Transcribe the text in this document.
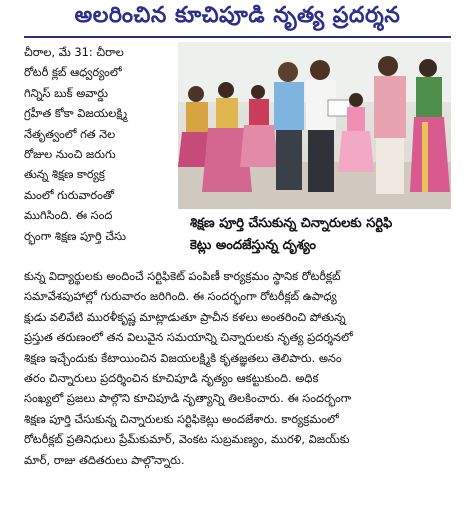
అలరించిన కూచిపూడి నృత్య ప్రదర్శన
చీరాల, మే 31: చీరాల
రోటరీ క్లబ్ ఆధ్వర్యంలో
గిన్నిస్ బుక్ అవార్డు
గ్రహీత కోకా విజయలక్ష్మి
నేతృత్వంలో గత నెల
రోజుల నుంచి జరుగు
తున్న శిక్షణ కార్యక్ర
మంలో గురువారంతో
ముగిసింది. ఈ సంద
ర్భంగా శిక్షణ పూర్తి చేసు
శిక్షణ పూర్తి చేసుకున్న చిన్నారులకు సర్టిఫి
కెట్లు అందజేస్తున్న దృశ్యం
కున్న విద్యార్థులకు అందించే సర్టిఫికెట్ పంపిణీ కార్యక్రమం స్థానిక రోటరీక్లబ్
సమావేశపుహాల్లో గురువారం జరిగింది. ఈ సందర్భంగా రోటరీక్లబ్ ఉపాధ్య
క్షుడు వలివేటి మురళీకృష్ణ మాట్లాడుతూ ప్రాచీన కళలు అంతరించి పోతున్న
ప్రస్తుత తరుణంలో తన విలువైన సమయాన్ని చిన్నారులకు నృత్య ప్రదర్శనలో
శిక్షణ ఇచ్చేందుకు కేటాయించిన విజయలక్ష్మికి కృతజ్ఞతలు తెలిపారు. అనం
తరం చిన్నారులు ప్రదర్శించిన కూచిపూడి నృత్యం ఆకట్టుకుంది. అధిక
సంఖ్యలో ప్రజలు పాల్గొని కూచిపూడి నృత్యాన్ని తిలకించారు. ఈ సందర్భంగా
శిక్షణ పూర్తి చేసుకున్న చిన్నారులకు సర్టిఫికెట్లు అందజేశారు. కార్యక్రమంలో
రోటరీక్లబ్ ప్రతినిధులు ప్రేమ్‌కుమార్, వెంకట సుబ్రమణ్యం, మురళి, విజయ్‌కు
మార్, రాజు తదితరులు పాల్గొన్నారు.
